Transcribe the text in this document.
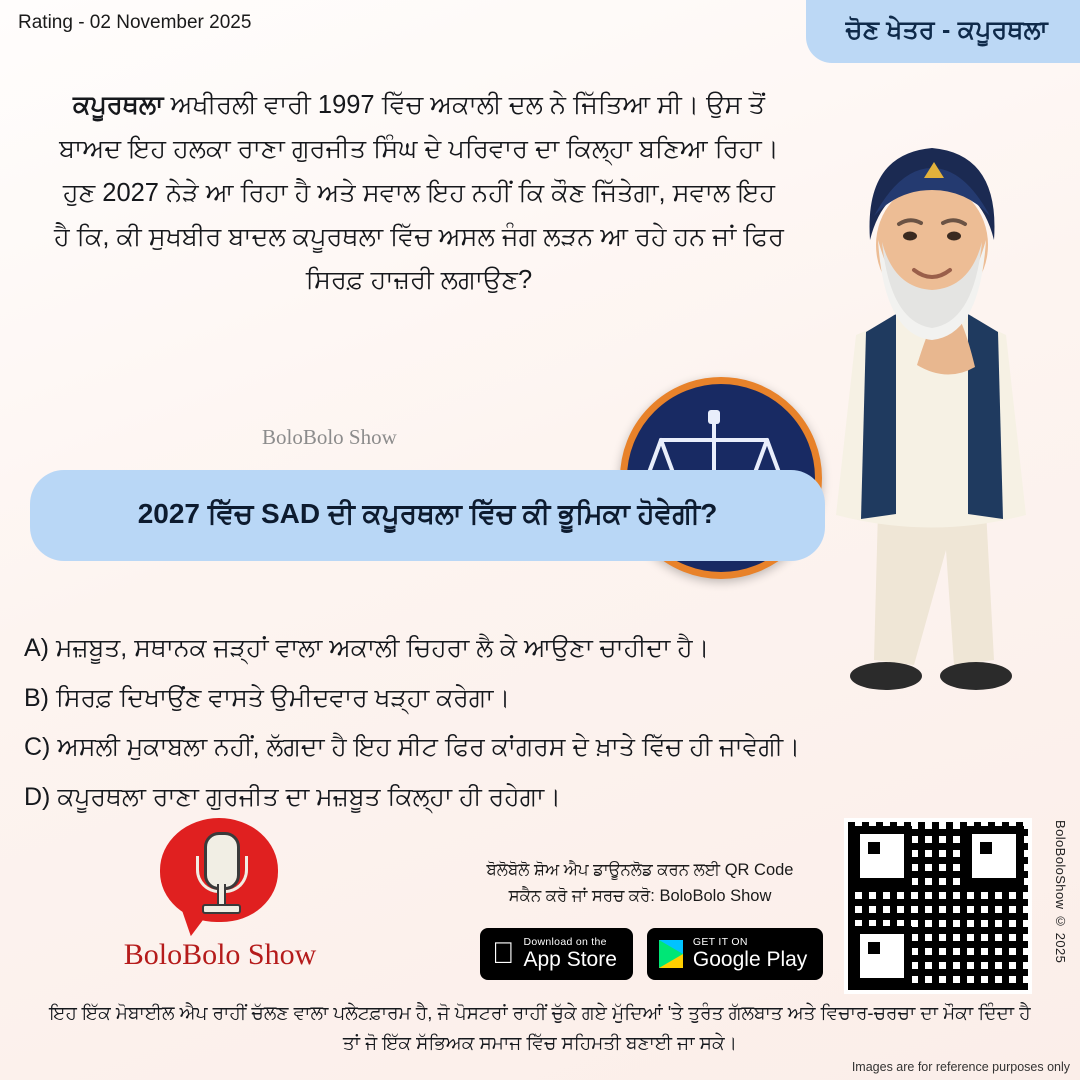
Rating - 02 November 2025	ਚੋਣ ਖੇਤਰ - ਕਪੂਰਥਲਾ
ਕਪੂਰਥਲਾ ਅਖੀਰਲੀ ਵਾਰੀ 1997 ਵਿੱਚ ਅਕਾਲੀ ਦਲ ਨੇ ਜਿੱਤਿਆ ਸੀ। ਉਸ ਤੋਂ ਬਾਅਦ ਇਹ ਹਲਕਾ ਰਾਣਾ ਗੁਰਜੀਤ ਸਿੰਘ ਦੇ ਪਰਿਵਾਰ ਦਾ ਕਿਲ੍ਹਾ ਬਣਿਆ ਰਿਹਾ। ਹੁਣ 2027 ਨੇੜੇ ਆ ਰਿਹਾ ਹੈ ਅਤੇ ਸਵਾਲ ਇਹ ਨਹੀਂ ਕਿ ਕੌਣ ਜਿੱਤੇਗਾ, ਸਵਾਲ ਇਹ ਹੈ ਕਿ, ਕੀ ਸੁਖਬੀਰ ਬਾਦਲ ਕਪੂਰਥਲਾ ਵਿੱਚ ਅਸਲ ਜੰਗ ਲੜਨ ਆ ਰਹੇ ਹਨ ਜਾਂ ਫਿਰ ਸਿਰਫ਼ ਹਾਜ਼ਰੀ ਲਗਾਉਣ?
BoloBolo Show
2027 ਵਿੱਚ SAD ਦੀ ਕਪੂਰਥਲਾ ਵਿੱਚ ਕੀ ਭੂਮਿਕਾ ਹੋਵੇਗੀ?
A) ਮਜ਼ਬੂਤ, ਸਥਾਨਕ ਜੜ੍ਹਾਂ ਵਾਲਾ ਅਕਾਲੀ ਚਿਹਰਾ ਲੈ ਕੇ ਆਉਣਾ ਚਾਹੀਦਾ ਹੈ।
B) ਸਿਰਫ਼ ਦਿਖਾਉਂਣ ਵਾਸਤੇ ਉਮੀਦਵਾਰ ਖੜ੍ਹਾ ਕਰੇਗਾ।
C) ਅਸਲੀ ਮੁਕਾਬਲਾ ਨਹੀਂ, ਲੱਗਦਾ ਹੈ ਇਹ ਸੀਟ ਫਿਰ ਕਾਂਗਰਸ ਦੇ ਖ਼ਾਤੇ ਵਿੱਚ ਹੀ ਜਾਵੇਗੀ।
D) ਕਪੂਰਥਲਾ ਰਾਣਾ ਗੁਰਜੀਤ ਦਾ ਮਜ਼ਬੂਤ ਕਿਲ੍ਹਾ ਹੀ ਰਹੇਗਾ।
BoloBolo Show
ਬੋਲੋਬੋਲੋ ਸ਼ੋਅ ਐਪ ਡਾਊਨਲੋਡ ਕਰਨ ਲਈ QR Code
ਸਕੈਨ ਕਰੋ ਜਾਂ ਸਰਚ ਕਰੋ: BoloBolo Show
Download on the
App Store
GET IT ON
Google Play	BoloBoloShow © 2025
ਇਹ ਇੱਕ ਮੋਬਾਈਲ ਐਪ ਰਾਹੀਂ ਚੱਲਣ ਵਾਲਾ ਪਲੇਟਫ਼ਾਰਮ ਹੈ, ਜੋ ਪੋਸਟਰਾਂ ਰਾਹੀਂ ਚੁੱਕੇ ਗਏ ਮੁੱਦਿਆਂ 'ਤੇ ਤੁਰੰਤ ਗੱਲਬਾਤ ਅਤੇ ਵਿਚਾਰ-ਚਰਚਾ ਦਾ ਮੌਕਾ ਦਿੰਦਾ ਹੈ ਤਾਂ ਜੋ ਇੱਕ ਸੱਭਿਅਕ ਸਮਾਜ ਵਿੱਚ ਸਹਿਮਤੀ ਬਣਾਈ ਜਾ ਸਕੇ।
Images are for reference purposes only
